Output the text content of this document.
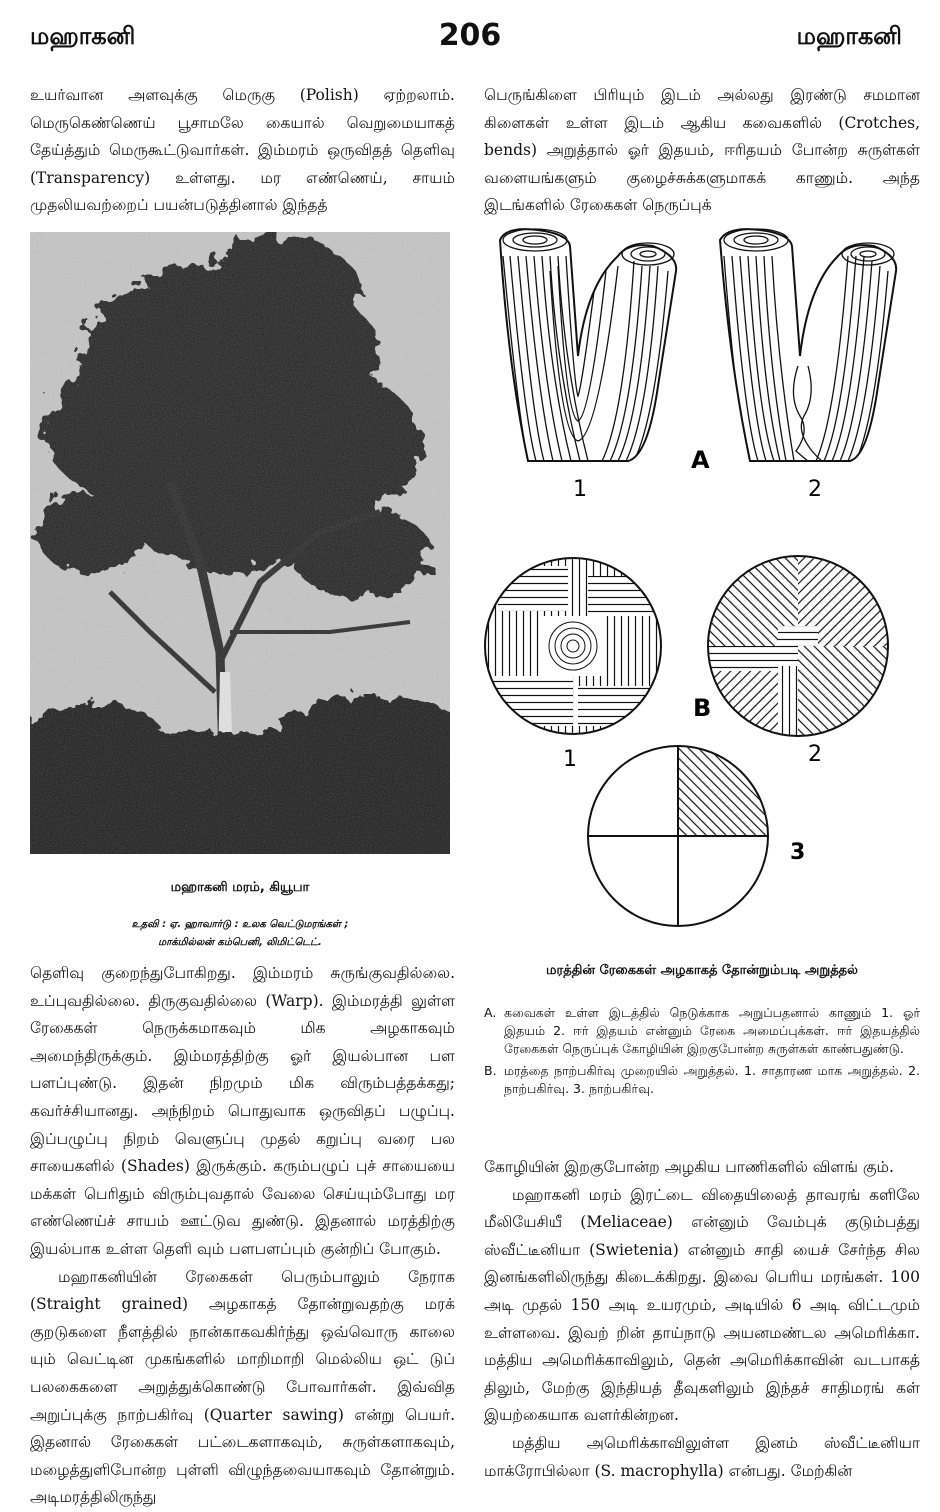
மஹாகனி	206	மஹாகனி

உயர்வான அளவுக்கு மெருகு (Polish) ஏற்றலாம். மெருகெண்ணெய் பூசாமலே கையால் வெறுமையாகத் தேய்த்தும் மெருகூட்டுவார்கள். இம்மரம் ஒருவிதத் தெளிவு (Transparency) உள்ளது. மர எண்ணெய், சாயம் முதலியவற்றைப் பயன்படுத்தினால் இந்தத்

மஹாகனி மரம், கியூபா
உதவி : ஏ. ஹாவார்டு : உலக வெட்டுமரங்கள் ;
மாக்மில்லன் கம்பெனி, லிமிட்டெட்.

பெருங்கிளை பிரியும் இடம் அல்லது இரண்டு சமமான கிளைகள் உள்ள இடம் ஆகிய கவைகளில் (Crotches, bends) அறுத்தால் ஓர் இதயம், ஈரிதயம் போன்ற சுருள்கள் வளையங்களும் குழைச்சுக்களுமாகக் காணும். அந்த இடங்களில் ரேகைகள் நெருப்புக்

A
1	2
B
1	2
3
மரத்தின் ரேகைகள் அழகாகத் தோன்றும்படி அறுத்தல்
A. கவைகள் உள்ள இடத்தில் நெடுக்காக அறுப்பதனால் காணும் 1. ஓர் இதயம் 2. ஈர் இதயம் என்னும் ரேகை அமைப்புக்கள். ஈர் இதயத்தில் ரேகைகள் நெருப்புக் கோழியின் இறகுபோன்ற சுருள்கள் காண்பதுண்டு.
B. மரத்தை நாற்பகிர்வு முறையில் அறுத்தல். 1. சாதாரண மாக அறுத்தல். 2. நாற்பகிர்வு. 3. நாற்பகிர்வு.

தெளிவு குறைந்துபோகிறது. இம்மரம் சுருங்குவதில்லை. உப்புவதில்லை. திருகுவதில்லை (Warp). இம்மரத்தி லுள்ள ரேகைகள் நெருக்கமாகவும் மிக அழகாகவும் அமைந்திருக்கும். இம்மரத்திற்கு ஓர் இயல்பான பள பளப்புண்டு. இதன் நிறமும் மிக விரும்பத்தக்கது; கவர்ச்சியானது. அந்நிறம் பொதுவாக ஒருவிதப் பழுப்பு. இப்பழுப்பு நிறம் வெளுப்பு முதல் கறுப்பு வரை பல சாயைகளில் (Shades) இருக்கும். கரும்பழுப் புச் சாயையை மக்கள் பெரிதும் விரும்புவதால் வேலை செய்யும்போது மர எண்ணெய்ச் சாயம் ஊட்டுவ துண்டு. இதனால் மரத்திற்கு இயல்பாக உள்ள தெளி வும் பளபளப்பும் குன்றிப் போகும்.

மஹாகனியின் ரேகைகள் பெரும்பாலும் நேராக (Straight grained) அழகாகத் தோன்றுவதற்கு மரக் குறடுகளை நீளத்தில் நான்காகவகிர்ந்து ஒவ்வொரு காலை யும் வெட்டின முகங்களில் மாறிமாறி மெல்லிய ஒட் டுப் பலகைகளை அறுத்துக்கொண்டு போவார்கள். இவ்வித அறுப்புக்கு நாற்பகிர்வு (Quarter sawing) என்று பெயர். இதனால் ரேகைகள் பட்டைகளாகவும், சுருள்களாகவும், மழைத்துளிபோன்ற புள்ளி விழுந்தவையாகவும் தோன்றும். அடிமரத்திலிருந்து

கோழியின் இறகுபோன்ற அழகிய பாணிகளில் விளங் கும்.

மஹாகனி மரம் இரட்டை விதையிலைத் தாவரங் களிலே மீலியேசியீ (Meliaceae) என்னும் வேம்புக் குடும்பத்து ஸ்வீட்டீனியா (Swietenia) என்னும் சாதி யைச் சேர்ந்த சில இனங்களிலிருந்து கிடைக்கிறது. இவை பெரிய மரங்கள். 100 அடி முதல் 150 அடி உயரமும், அடியில் 6 அடி விட்டமும் உள்ளவை. இவற் றின் தாய்நாடு அயனமண்டல அமெரிக்கா. மத்திய அமெரிக்காவிலும், தென் அமெரிக்காவின் வடபாகத் திலும், மேற்கு இந்தியத் தீவுகளிலும் இந்தச் சாதிமரங் கள் இயற்கையாக வளர்கின்றன.

மத்திய அமெரிக்காவிலுள்ள இனம் ஸ்வீட்டீனியா மாக்ரோபில்லா (S. macrophylla) என்பது. மேற்கின்
